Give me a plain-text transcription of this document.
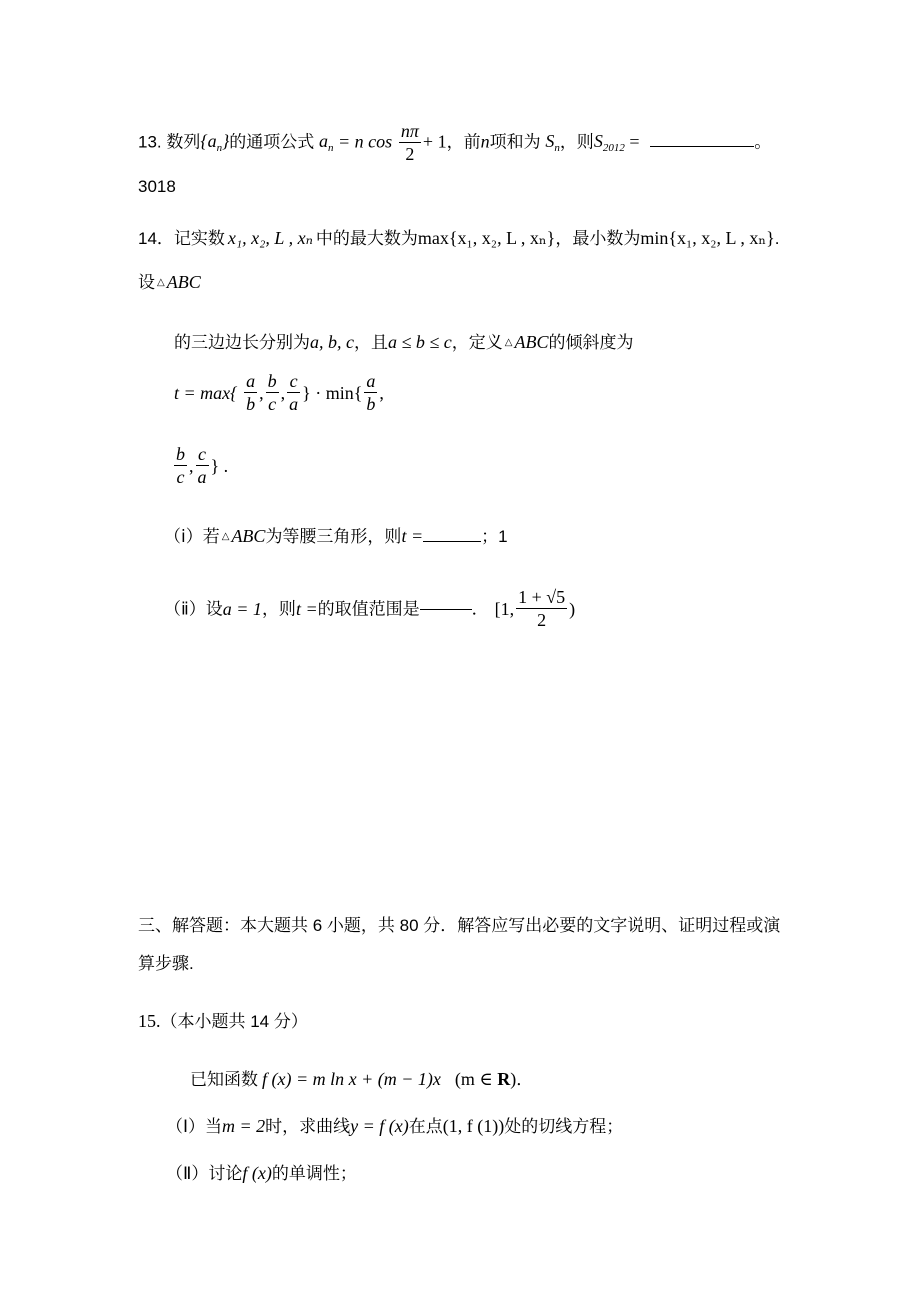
13. 数列$\{a_n\}$的通项公式 $a_n = n$ $\cos \frac{n\pi}{2} + 1$，前n项和为 $S_n$，则$S_{2012}$ =	。
3018
14．记实数 x₁, x₂, L , xₙ 中的最大数为max{x₁, x₂, L , xₙ}，最小数为min{x₁, x₂, L , xₙ}.
设 △ ABC
的三边边长分别为a, b, c，且a ≤ b ≤ c，定义 △ ABC的倾斜度为
$t = \max\{ \frac{a}{b}$ , $\frac{b}{c}$ , $\frac{c}{a}$ } · $\min\{ \frac{a}{b}$ ,
$\frac{b}{c}$ , $\frac{c}{a}$ } .
（ⅰ）若 △ ABC为等腰三角形，则t =	；1
（ⅱ）设a = 1，则t =的取值范围是	． [1, $\frac{1 + √5}{2}$ )
三、解答题：本大题共 6 小题，共 80 分．解答应写出必要的文字说明、证明过程或演
算步骤.
15.（本小题共 14 分）
已知函数 f (x) = m ln x + (m − 1)x (m ∈ R)．
（Ⅰ）当m = 2时，求曲线y = f (x)在点(1, f (1))处的切线方程；
（Ⅱ）讨论f (x)的单调性；
